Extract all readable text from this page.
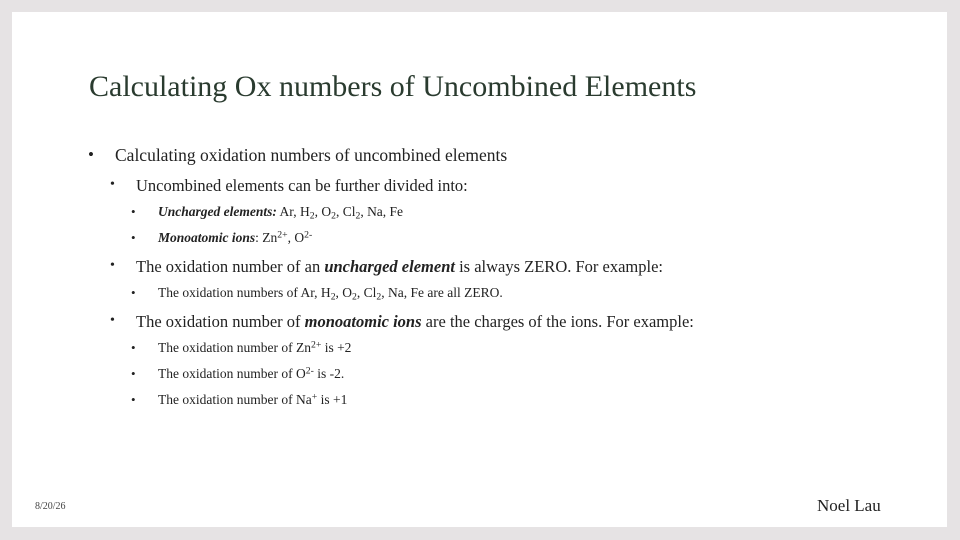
Calculating Ox numbers of Uncombined Elements
• Calculating oxidation numbers of uncombined elements
• Uncombined elements can be further divided into:
• Uncharged elements: Ar, $H_2$, $O_2$, $Cl_2$, Na, Fe
• Monoatomic ions: $Zn^{2+}$, $O^{2-}$
• The oxidation number of an uncharged element is always ZERO. For example:
• The oxidation numbers of Ar, $H_2$, $O_2$, $Cl_2$, Na, Fe are all ZERO.
• The oxidation number of monoatomic ions are the charges of the ions. For example:
• The oxidation number of $Zn^{2+}$ is +2
• The oxidation number of $O^{2-}$ is -2.
• The oxidation number of Na+ is +1
8/20/26	Noel Lau
